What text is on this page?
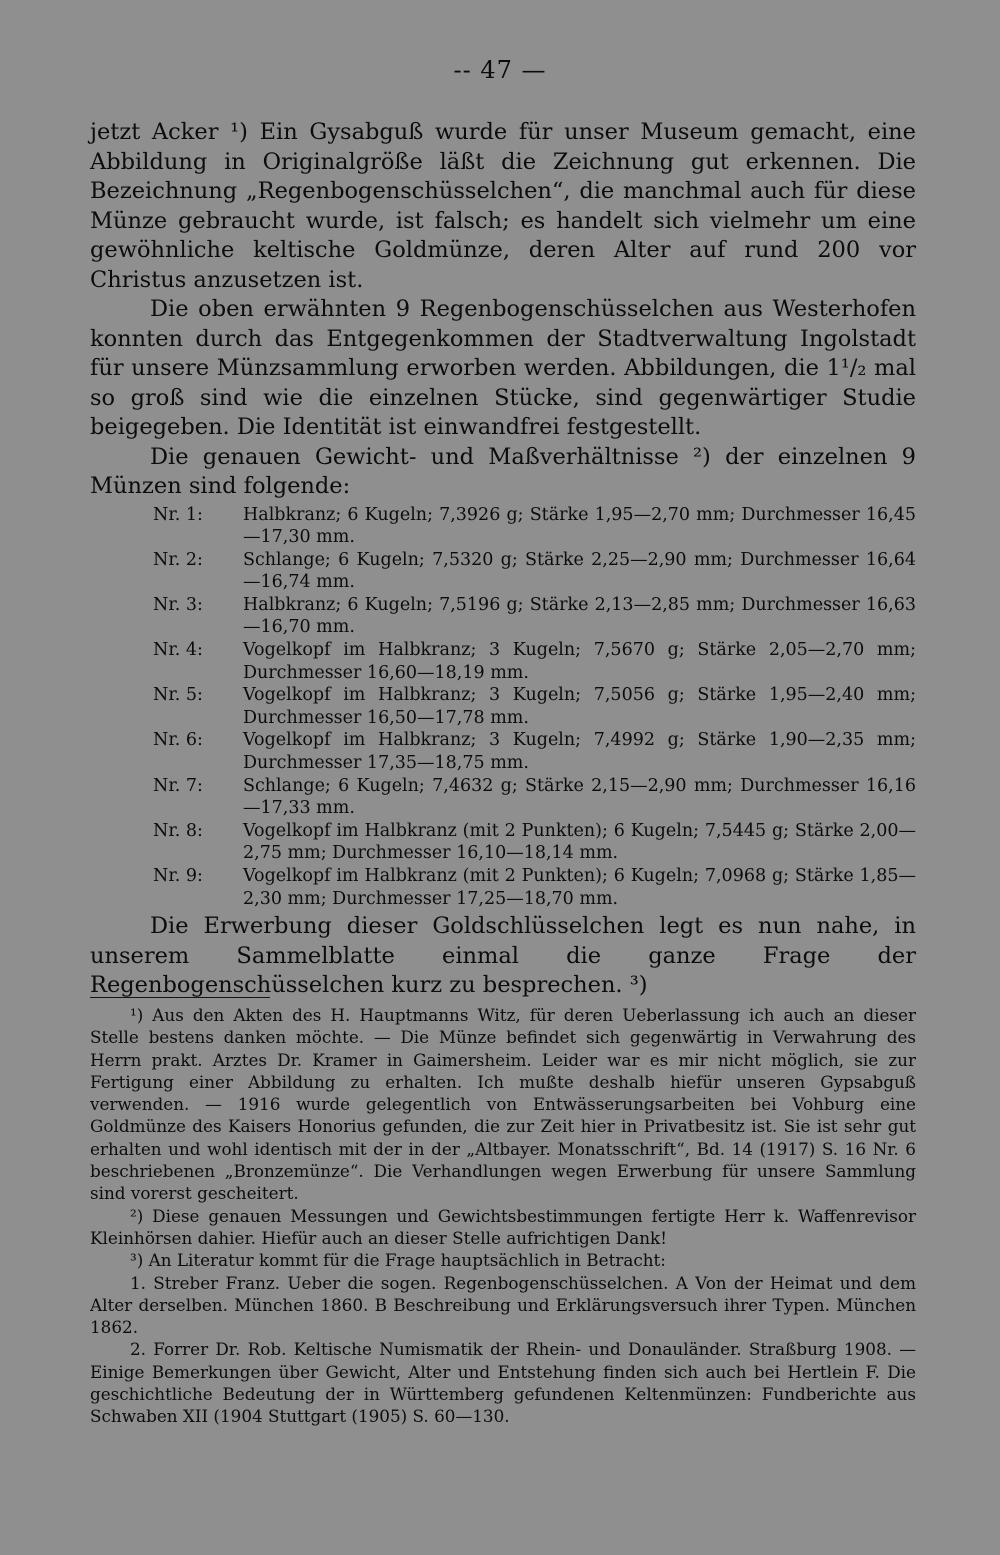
-- 47 —

jetzt Acker ¹) Ein Gysabguß wurde für unser Museum gemacht, eine Abbildung in Originalgröße läßt die Zeichnung gut erkennen. Die Bezeichnung „Regenbogenschüsselchen“, die manchmal auch für diese Münze gebraucht wurde, ist falsch; es handelt sich vielmehr um eine gewöhnliche keltische Goldmünze, deren Alter auf rund 200 vor Christus anzusetzen ist.

Die oben erwähnten 9 Regenbogenschüsselchen aus Westerhofen konnten durch das Entgegenkommen der Stadtverwaltung Ingolstadt für unsere Münzsammlung erworben werden. Abbildungen, die 1¹/₂ mal so groß sind wie die einzelnen Stücke, sind gegenwärtiger Studie beigegeben. Die Identität ist einwandfrei festgestellt.

Die genauen Gewicht- und Maßverhältnisse ²) der einzelnen 9 Münzen sind folgende:

Nr. 1:	Halbkranz; 6 Kugeln; 7,3926 g; Stärke 1,95—2,70 mm; Durchmesser 16,45—17,30 mm.
Nr. 2:	Schlange; 6 Kugeln; 7,5320 g; Stärke 2,25—2,90 mm; Durchmesser 16,64—16,74 mm.
Nr. 3:	Halbkranz; 6 Kugeln; 7,5196 g; Stärke 2,13—2,85 mm; Durchmesser 16,63—16,70 mm.
Nr. 4:	Vogelkopf im Halbkranz; 3 Kugeln; 7,5670 g; Stärke 2,05—2,70 mm; Durchmesser 16,60—18,19 mm.
Nr. 5:	Vogelkopf im Halbkranz; 3 Kugeln; 7,5056 g; Stärke 1,95—2,40 mm; Durchmesser 16,50—17,78 mm.
Nr. 6:	Vogelkopf im Halbkranz; 3 Kugeln; 7,4992 g; Stärke 1,90—2,35 mm; Durchmesser 17,35—18,75 mm.
Nr. 7:	Schlange; 6 Kugeln; 7,4632 g; Stärke 2,15—2,90 mm; Durchmesser 16,16—17,33 mm.
Nr. 8:	Vogelkopf im Halbkranz (mit 2 Punkten); 6 Kugeln; 7,5445 g; Stärke 2,00—2,75 mm; Durchmesser 16,10—18,14 mm.
Nr. 9:	Vogelkopf im Halbkranz (mit 2 Punkten); 6 Kugeln; 7,0968 g; Stärke 1,85—2,30 mm; Durchmesser 17,25—18,70 mm.

Die Erwerbung dieser Goldschlüsselchen legt es nun nahe, in unserem Sammelblatte einmal die ganze Frage der Regenbogenschüsselchen kurz zu besprechen. ³)

¹) Aus den Akten des H. Hauptmanns Witz, für deren Ueberlassung ich auch an dieser Stelle bestens danken möchte. — Die Münze befindet sich gegenwärtig in Verwahrung des Herrn prakt. Arztes Dr. Kramer in Gaimersheim. Leider war es mir nicht möglich, sie zur Fertigung einer Abbildung zu erhalten. Ich mußte deshalb hiefür unseren Gypsabguß verwenden. — 1916 wurde gelegentlich von Entwässerungsarbeiten bei Vohburg eine Goldmünze des Kaisers Honorius gefunden, die zur Zeit hier in Privatbesitz ist. Sie ist sehr gut erhalten und wohl identisch mit der in der „Altbayer. Monatsschrift“, Bd. 14 (1917) S. 16 Nr. 6 beschriebenen „Bronzemünze“. Die Verhandlungen wegen Erwerbung für unsere Sammlung sind vorerst gescheitert.

²) Diese genauen Messungen und Gewichtsbestimmungen fertigte Herr k. Waffenrevisor Kleinhörsen dahier. Hiefür auch an dieser Stelle aufrichtigen Dank!

³) An Literatur kommt für die Frage hauptsächlich in Betracht:

1. Streber Franz. Ueber die sogen. Regenbogenschüsselchen. A Von der Heimat und dem Alter derselben. München 1860. B Beschreibung und Erklärungsversuch ihrer Typen. München 1862.

2. Forrer Dr. Rob. Keltische Numismatik der Rhein- und Donauländer. Straßburg 1908. — Einige Bemerkungen über Gewicht, Alter und Entstehung finden sich auch bei Hertlein F. Die geschichtliche Bedeutung der in Württemberg gefundenen Keltenmünzen: Fundberichte aus Schwaben XII (1904 Stuttgart (1905) S. 60—130.
